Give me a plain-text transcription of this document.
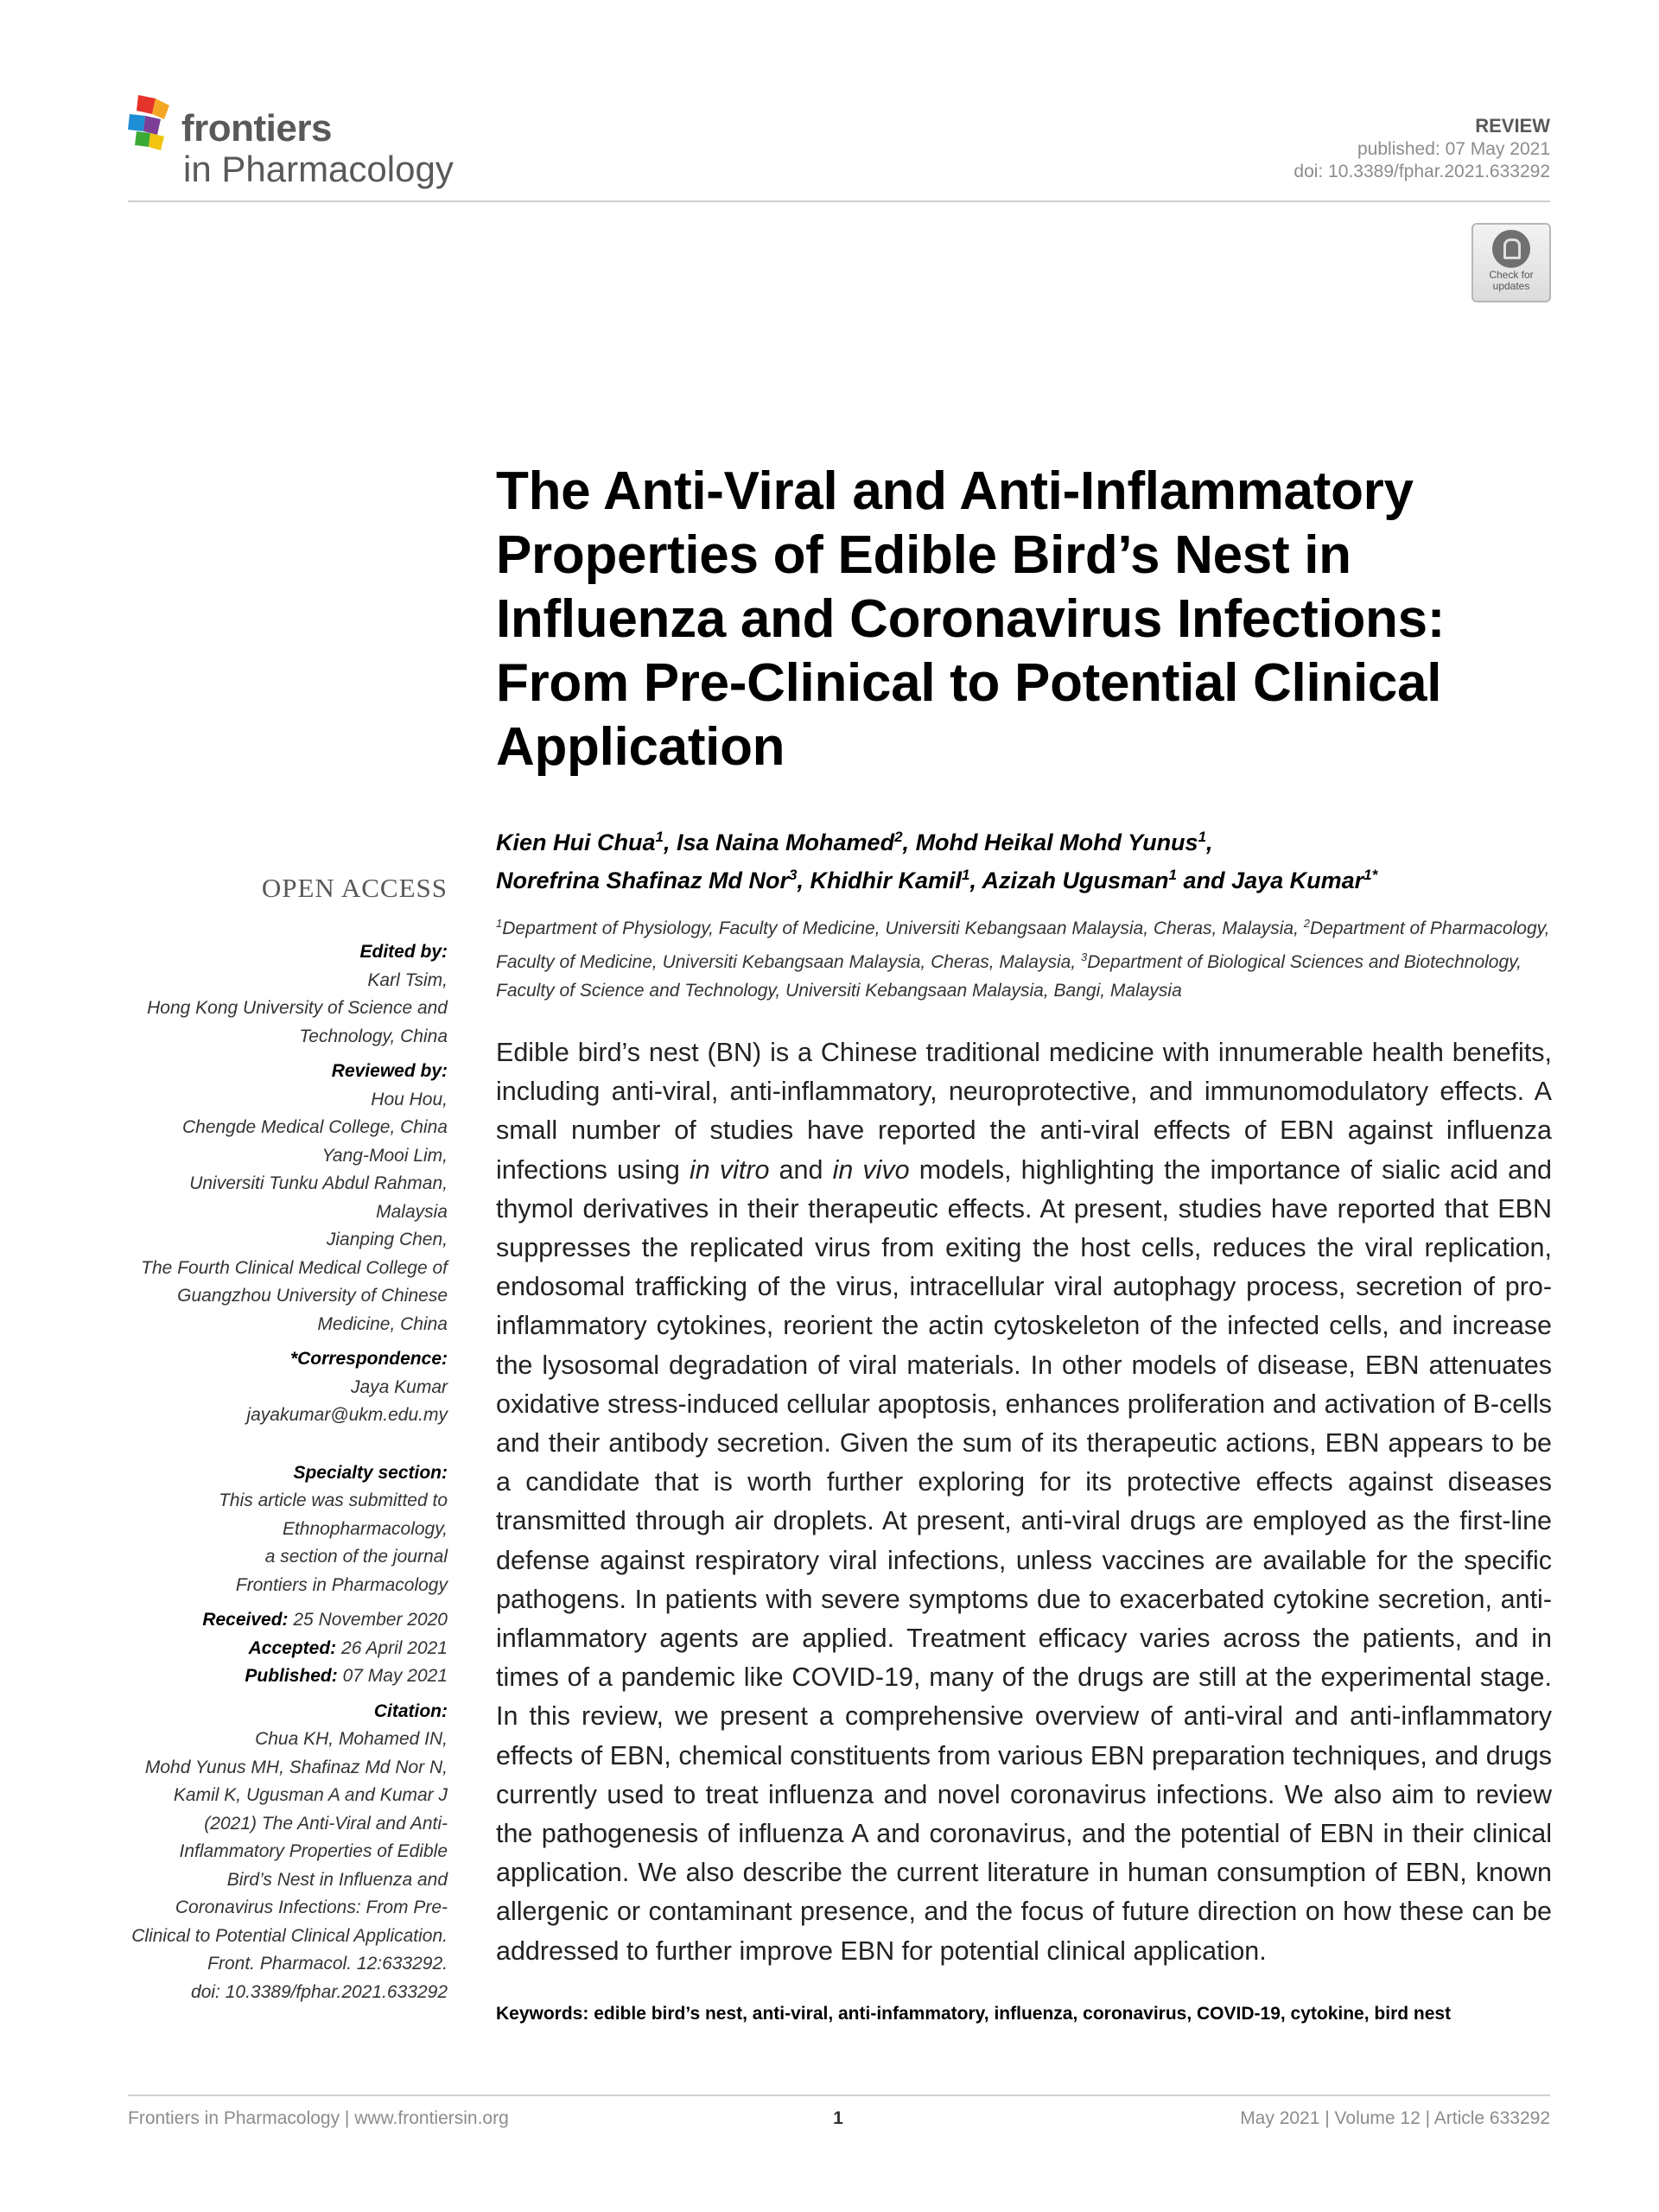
frontiers
in Pharmacology
REVIEW
published: 07 May 2021
doi: 10.3389/fphar.2021.633292
Check for
updates
The Anti-Viral and Anti-Inflammatory Properties of Edible Bird’s Nest in Influenza and Coronavirus Infections: From Pre-Clinical to Potential Clinical Application
Kien Hui Chua$^1$, Isa Naina Mohamed$^2$, Mohd Heikal Mohd Yunus$^1$,
Norefrina Shafinaz Md Nor$^3$, Khidhir Kamil$^1$, Azizah Ugusman$^1$ and Jaya Kumar$^{1*}$
$^1$Department of Physiology, Faculty of Medicine, Universiti Kebangsaan Malaysia, Cheras, Malaysia, $^2$Department of Pharmacology, Faculty of Medicine, Universiti Kebangsaan Malaysia, Cheras, Malaysia, $^3$Department of Biological Sciences and Biotechnology, Faculty of Science and Technology, Universiti Kebangsaan Malaysia, Bangi, Malaysia
Edible bird’s nest (BN) is a Chinese traditional medicine with innumerable health benefits, including anti-viral, anti-inflammatory, neuroprotective, and immunomodulatory effects. A small number of studies have reported the anti-viral effects of EBN against influenza infections using in vitro and in vivo models, highlighting the importance of sialic acid and thymol derivatives in their therapeutic effects. At present, studies have reported that EBN suppresses the replicated virus from exiting the host cells, reduces the viral replication, endosomal trafficking of the virus, intracellular viral autophagy process, secretion of pro-inflammatory cytokines, reorient the actin cytoskeleton of the infected cells, and increase the lysosomal degradation of viral materials. In other models of disease, EBN attenuates oxidative stress-induced cellular apoptosis, enhances proliferation and activation of B-cells and their antibody secretion. Given the sum of its therapeutic actions, EBN appears to be a candidate that is worth further exploring for its protective effects against diseases transmitted through air droplets. At present, anti-viral drugs are employed as the first-line defense against respiratory viral infections, unless vaccines are available for the specific pathogens. In patients with severe symptoms due to exacerbated cytokine secretion, anti-inflammatory agents are applied. Treatment efficacy varies across the patients, and in times of a pandemic like COVID-19, many of the drugs are still at the experimental stage. In this review, we present a comprehensive overview of anti-viral and anti-inflammatory effects of EBN, chemical constituents from various EBN preparation techniques, and drugs currently used to treat influenza and novel coronavirus infections. We also aim to review the pathogenesis of influenza A and coronavirus, and the potential of EBN in their clinical application. We also describe the current literature in human consumption of EBN, known allergenic or contaminant presence, and the focus of future direction on how these can be addressed to further improve EBN for potential clinical application.
Keywords: edible bird’s nest, anti-viral, anti-infammatory, influenza, coronavirus, COVID-19, cytokine, bird nest
OPEN ACCESS
Edited by:
Karl Tsim,
Hong Kong University of Science and
Technology, China
Reviewed by:
Hou Hou,
Chengde Medical College, China
Yang-Mooi Lim,
Universiti Tunku Abdul Rahman,
Malaysia
Jianping Chen,
The Fourth Clinical Medical College of
Guangzhou University of Chinese
Medicine, China
*Correspondence:
Jaya Kumar
jayakumar@ukm.edu.my
Specialty section:
This article was submitted to
Ethnopharmacology,
a section of the journal
Frontiers in Pharmacology
Received: 25 November 2020
Accepted: 26 April 2021
Published: 07 May 2021
Citation:
Chua KH, Mohamed IN,
Mohd Yunus MH, Shafinaz Md Nor N,
Kamil K, Ugusman A and Kumar J
(2021) The Anti-Viral and Anti-
Inflammatory Properties of Edible
Bird’s Nest in Influenza and
Coronavirus Infections: From Pre-
Clinical to Potential Clinical Application.
Front. Pharmacol. 12:633292.
doi: 10.3389/fphar.2021.633292
Frontiers in Pharmacology | www.frontiersin.org	1	May 2021 | Volume 12 | Article 633292
